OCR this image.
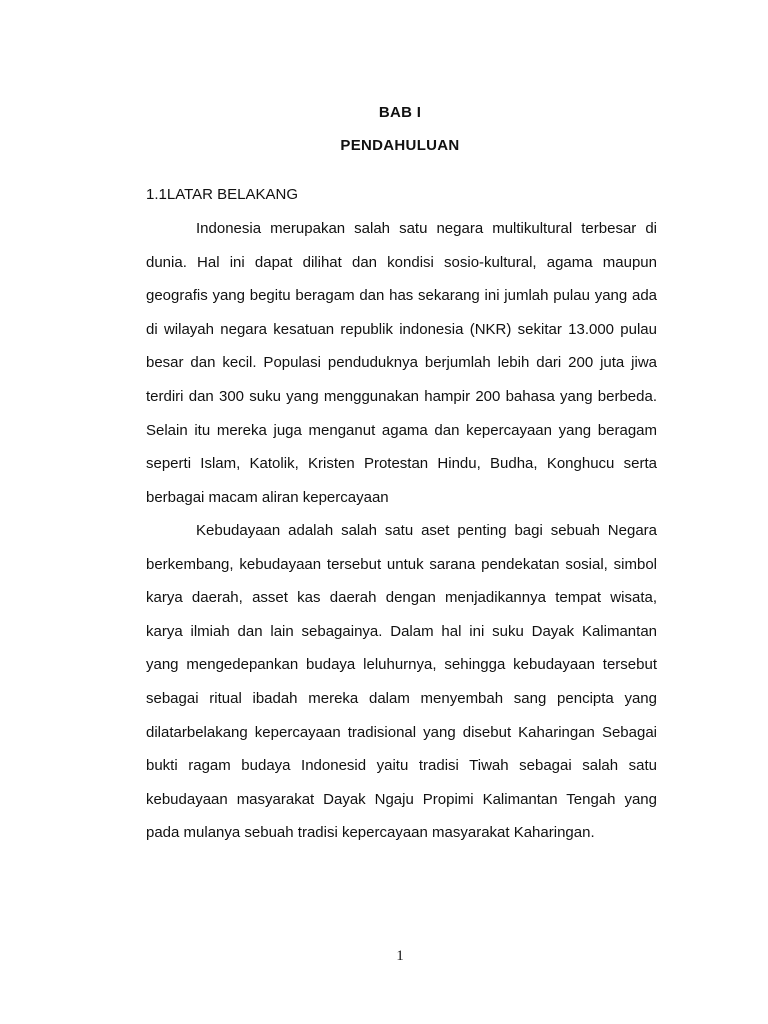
BAB I
PENDAHULUAN
1.1LATAR BELAKANG
Indonesia merupakan salah satu negara multikultural terbesar di dunia. Hal ini dapat dilihat dan kondisi sosio-kultural, agama maupun geografis yang begitu beragam dan has sekarang ini jumlah pulau yang ada di wilayah negara kesatuan republik indonesia (NKR) sekitar 13.000 pulau besar dan kecil. Populasi penduduknya berjumlah lebih dari 200 juta jiwa terdiri dan 300 suku yang menggunakan hampir 200 bahasa yang berbeda. Selain itu mereka juga menganut agama dan kepercayaan yang beragam seperti Islam, Katolik, Kristen Protestan Hindu, Budha, Konghucu serta berbagai macam aliran kepercayaan
Kebudayaan adalah salah satu aset penting bagi sebuah Negara berkembang, kebudayaan tersebut untuk sarana pendekatan sosial, simbol karya daerah, asset kas daerah dengan menjadikannya tempat wisata, karya ilmiah dan lain sebagainya. Dalam hal ini suku Dayak Kalimantan yang mengedepankan budaya leluhurnya, sehingga kebudayaan tersebut sebagai ritual ibadah mereka dalam menyembah sang pencipta yang dilatarbelakang kepercayaan tradisional yang disebut Kaharingan Sebagai bukti ragam budaya Indonesid yaitu tradisi Tiwah sebagai salah satu kebudayaan masyarakat Dayak Ngaju Propimi Kalimantan Tengah yang pada mulanya sebuah tradisi kepercayaan masyarakat Kaharingan.
1
